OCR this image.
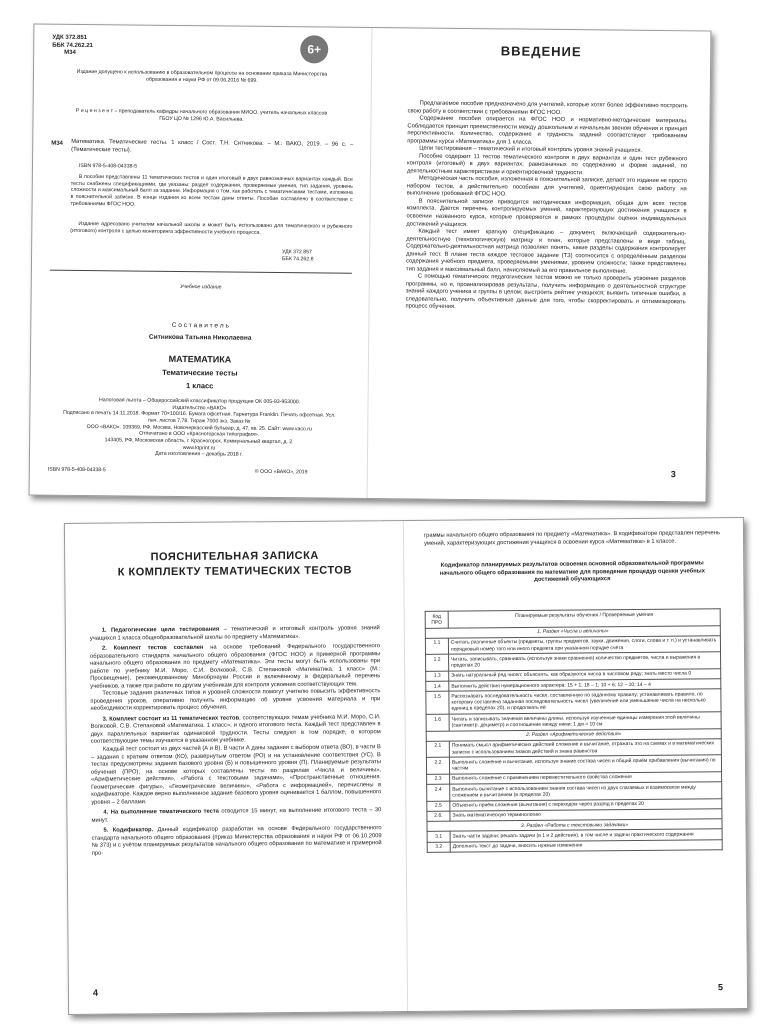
УДК 372.851
ББК 74.262.21
М34	6+

Издание допущено к использованию в образовательном процессе на основании приказа Министерства образования и науки РФ от 09.06.2016 № 699.

Р е ц е н з е н т – преподаватель кафедры начального образования МИОО, учитель начальных классов ГБОУ ЦО № 1296 Ю.А. Васильева.

М34	Математика. Тематические тесты. 1 класс / Сост. Т.Н. Ситникова. – М.: ВАКО, 2019. – 96 с. – (Тематические тесты).

ISBN 978-5-408-04338-5

В пособии представлены 11 тематических тестов и один итоговый в двух равнозначных вариантах каждый. Все тесты снабжены спецификациями, где указаны: раздел содержания, проверяемые умения, тип задания, уровень сложности и максимальный балл за задание. Информация о том, как работать с тематическими тестами, изложена в пояснительной записке. В конце издания ко всем тестам даны ответы. Пособие составлено в соответствии с требованиями ФГОС НОО.

Издание адресовано учителям начальной школы и может быть использовано для тематического и рубежного (итогового) контроля с целью мониторинга эффективности учебного процесса.

УДК 372.857
ББК 74.262.8

Учебное издание

С о с т а в и т е л ь

Ситникова Татьяна Николаевна

МАТЕМАТИКА

Тематические тесты

1 класс

Налоговая льгота – Общероссийский классификатор продукции ОК 005-93-953000.
Издательство «ВАКО»
Подписано в печать 14.11.2018. Формат 70×100/16. Бумага офсетная. Гарнитура Franklin. Печать офсетная. Усл. печ. листов 7,78. Тираж 7000 экз. Заказ №
ООО «ВАКО». 109369, РФ, Москва, Новочеркасский бульвар, д. 47, кв. 25. Сайт: www.vaco.ru
Отпечатано в ООО «Красногорская типография».
143405, РФ, Московская область, г. Красногорск, Коммунальный квартал, д. 2.
www.ktprint.ru
Дата изготовления – декабрь 2018 г.

ISBN 978-5-408-04338-5	© ООО «ВАКО», 2019

ВВЕДЕНИЕ

Предлагаемое пособие предназначено для учителей, которые хотят более эффективно построить свою работу в соответствии с требованиями ФГОС НОО.

Содержание пособия опирается на ФГОС НОО и нормативно-методические материалы. Соблюдается принцип преемственности между дошкольным и начальным звеном обучения и принцип перспективности. Количество, содержание и трудность заданий соответствуют требованиям программы курса «Математика» для 1 класса.

Цели тестирования – тематический и итоговый контроль уровня знаний учащихся.

Пособие содержит 11 тестов тематического контроля в двух вариантах и один тест рубежного контроля (итоговый) в двух вариантах, равнозначных по содержанию и форме заданий, по деятельностным характеристикам и ориентировочной трудности.

Методическая часть пособия, изложенная в пояснительной записке, делает это издание не просто набором тестов, а действительно пособием для учителей, ориентирующих свою работу на выполнение требований ФГОС НОО.

В пояснительной записке приводится методическая информация, общая для всех тестов комплекта. Дается перечень контролируемых умений, характеризующих достижения учащихся в освоении названного курса, которые проверяются в рамках процедуры оценки индивидуальных достижений учащихся.

Каждый тест имеет краткую спецификацию – документ, включающий содержательно-деятельностную (технологическую) матрицу и план, которые представлены в виде таблиц. Содержательно-деятельностная матрица позволяет понять, какие разделы содержания контролирует данный тест. В плане теста каждое тестовое задание (ТЗ) соотносится с определённым разделом содержания учебного предмета, проверяемыми умениями, уровнем сложности; также представлены тип задания и максимальный балл, начисляемый за его правильное выполнение.

С помощью тематических педагогических тестов можно не только проверить усвоение разделов программы, но и, проанализировав результаты, получить информацию о деятельностной структуре знаний каждого ученика и группы в целом; выстроить рейтинг учащихся; выявить типичные ошибки, а следовательно, получить объективные данные для того, чтобы скорректировать и оптимизировать процесс обучения.

3

ПОЯСНИТЕЛЬНАЯ ЗАПИСКА

К КОМПЛЕКТУ ТЕМАТИЧЕСКИХ ТЕСТОВ

1. Педагогические цели тестирования – тематический и итоговый контроль уровня знаний учащихся 1 класса общеобразовательной школы по предмету «Математика».

2. Комплект тестов составлен на основе требований Федерального государственного образовательного стандарта начального общего образования (ФГОС НОО) и примерной программы начального общего образования по предмету «Математика». Эти тесты могут быть использованы при работе по учебнику М.И. Моро, С.И. Волковой, С.В. Степановой «Математика. 1 класс» (М.: Просвещение), рекомендованному Минобрнауки России и включённому в федеральный перечень учебников, а также при работе по другим учебникам для контроля усвоения соответствующих тем.

Тестовые задания различных типов и уровней сложности помогут учителю повысить эффективность проведения уроков, оперативно получить информацию об уровне усвоения материала и при необходимости корректировать процесс обучения.

3. Комплект состоит из 11 тематических тестов, соответствующих темам учебника М.И. Моро, С.И. Волковой, С.В. Степановой «Математика. 1 класс», и одного итогового теста. Каждый тест представлен в двух параллельных вариантах одинаковой трудности. Тесты следуют в том порядке, в котором соответствующие темы изучаются в указанном учебнике.

Каждый тест состоит из двух частей (А и В). В части А даны задания с выбором ответа (ВО), в части В – задания с кратким ответом (КО), развёрнутым ответом (РО) и на установление соответствия (УС). В тестах предусмотрены задания базового уровня (Б) и повышенного уровня (П). Планируемые результаты обучения (ПРО), на основе которых составлены тесты по разделам «Числа и величины», «Арифметические действия», «Работа с текстовыми задачами», «Пространственные отношения. Геометрические фигуры», «Геометрические величины», «Работа с информацией», перечислены в кодификаторе. Каждое верно выполненное задание базового уровня оценивается 1 баллом, повышенного уровня – 2 баллами.

4. На выполнение тематического теста отводится 15 минут, на выполнение итогового теста – 30 минут.

5. Кодификатор. Данный кодификатор разработан на основе Федерального государственного стандарта начального общего образования (приказ Министерства образования и науки РФ от 06.10.2009 № 373) и с учётом планируемых результатов начального общего образования по математике и примерной про-

4

граммы начального общего образования по предмету «Математика». В кодификаторе представлен перечень умений, характеризующих достижения учащихся в освоении курса «Математика» в 1 классе.

Кодификатор планируемых результатов освоения основной образовательной программы начального общего образования по математике для проведения процедур оценки учебных достижений обучающихся

Код ПРО	Планируемые результаты обучения / Проверяемые умения
1. Раздел «Числа и величины»	
1.1	Считать различные объекты (предметы, группы предметов, звуки, движения, слоги, слова и т. п.) и устанавливать порядковый номер того или иного предмета при указанном порядке счёта
1.2	Читать, записывать, сравнивать (используя знаки сравнения) количество предметов, числа и выражения в пределах 20
1.3	Знать натуральный ряд чисел; объяснять, как образуются числа в числовом ряду; знать место числа 0
1.4	Выполнить действия нумерационного характера: 15 + 1; 18 – 1; 10 + 6; 12 – 10; 14 – 4
1.5	Распознавать последовательность чисел, составленную по заданному правилу; устанавливать правило, по которому составлена заданная последовательность чисел (увеличение или уменьшение числа на несколько единиц в пределах 20), и продолжать её
1.6	Читать и записывать значения величины длины, используя изученные единицы измерения этой величины (сантиметр, дециметр) и соотношение между ними: 1 дм = 10 см
2. Раздел «Арифметические действия»	
2.1	Понимать смысл арифметических действий сложение и вычитание, отражать это на схемах и в математических записях с использованием знаков действий и знака равенства
2.2	Выполнять сложение и вычитание, используя знание состава чисел и общий приём прибавления (вычитания) по частям
2.3	Выполнять сложение с применением переместительного свойства сложения
2.4	Выполнять вычитание с использованием знания состава чисел из двух слагаемых и взаимосвязи между сложением и вычитанием (в пределах 20)
2.5	Объяснять приём сложения (вычитания) с переходом через разряд в пределах 20
2.6.	Знать математическую терминологию
3. Раздел «Работа с текстовыми задачами»	
3.1	Знать части задачи; решать задачи (в 1 и 2 действия), в том числе и задачи практического содержания
3.2	Дополнять текст до задачи, вносить нужные изменения
5
